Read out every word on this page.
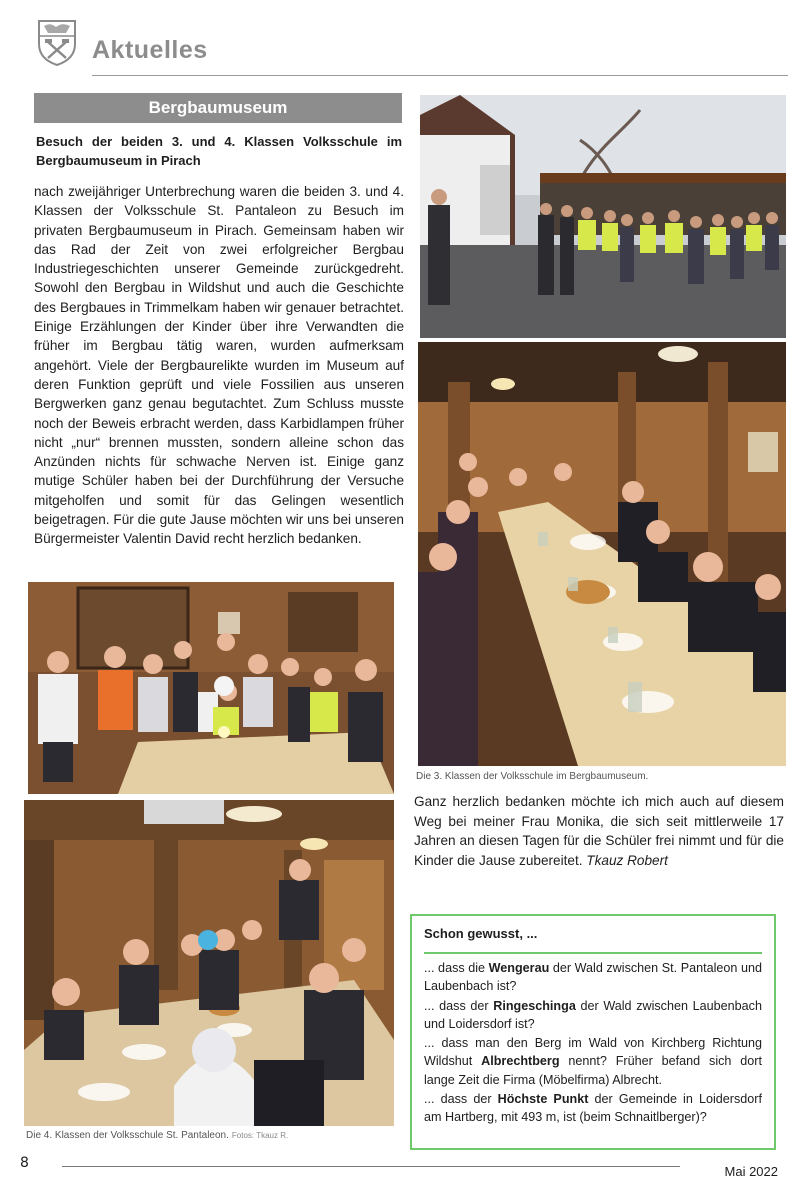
Aktuelles
Bergbaumuseum
Besuch der beiden 3. und 4. Klassen Volksschule im Bergbaumuseum in Pirach
nach zweijähriger Unterbrechung waren die beiden 3. und 4. Klassen der Volksschule St. Pantaleon zu Besuch im privaten Bergbaumuseum in Pirach. Gemeinsam haben wir das Rad der Zeit von zwei erfolgreicher Bergbau Industriegeschichten unserer Gemeinde zurückgedreht. Sowohl den Bergbau in Wildshut und auch die Geschichte des Bergbaues in Trimmelkam haben wir genauer betrachtet. Einige Erzählungen der Kinder über ihre Verwandten die früher im Bergbau tätig waren, wurden aufmerksam angehört. Viele der Bergbaurelikte wurden im Museum auf deren Funktion geprüft und viele Fossilien aus unseren Bergwerken ganz genau begutachtet. Zum Schluss musste noch der Beweis erbracht werden, dass Karbidlampen früher nicht „nur“ brennen mussten, sondern alleine schon das Anzünden nichts für schwache Nerven ist. Einige ganz mutige Schüler haben bei der Durchführung der Versuche mitgeholfen und somit für das Gelingen wesentlich beigetragen. Für die gute Jause möchten wir uns bei unseren Bürgermeister Valentin David recht herzlich bedanken.
Die 3. Klassen der Volksschule im Bergbaumuseum.
Die 4. Klassen der Volksschule St. Pantaleon. Fotos: Tkauz R.
Ganz herzlich bedanken möchte ich mich auch auf diesem Weg bei meiner Frau Monika, die sich seit mittlerweile 17 Jahren an diesen Tagen für die Schüler frei nimmt und für die Kinder die Jause zubereitet. Tkauz Robert
Schon gewusst, ...
... dass die Wengerau der Wald zwischen St. Pantaleon und Laubenbach ist?
... dass der Ringeschinga der Wald zwischen Laubenbach und Loidersdorf ist?
... dass man den Berg im Wald von Kirchberg Richtung Wildshut Albrechtberg nennt? Früher befand sich dort lange Zeit die Firma (Möbelfirma) Albrecht.
... dass der Höchste Punkt der Gemeinde in Loidersdorf am Hartberg, mit 493 m, ist (beim Schnaitlberger)?
8
Mai 2022
